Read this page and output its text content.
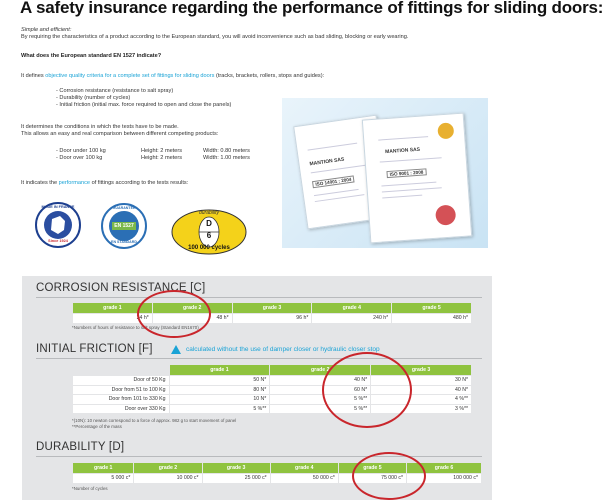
A safety insurance regarding the performance of fittings for sliding doors:
Simple and efficient:
By requiring the characteristics of a product according to the European standard, you will avoid inconvenience such as bad sliding, blocking or early wearing.
What does the European standard EN 1527 indicate?
It defines objective quality criteria for a complete set of fittings for sliding doors (tracks, brackets, rollers, stops and guides):
- Corrosion resistance (resistance to salt spray)
- Durability (number of cycles)
- Initial friction (initial max. force required to open and close the panels)
It determines the conditions in which the tests have to be made.
This allows an easy and real comparison between different competing products:
- Door under 100 kg	Height: 2 meters	Width: 0.80 meters
- Door over 100 kg	Height: 2 meters	Width: 1.00 meters
It indicates the performance of fittings according to the tests results:
MANTION SAS
ISO 14001 : 2004
MANTION SAS
ISO 9001 : 2008
MADE IN FRANCE
Since 1924
GUARANTEE
EN 1527
EN STANDARD
durability
D
6
100 000 cycles
CORROSION RESISTANCE [C]
grade 1	grade 2	grade 3	grade 4	grade 5
24 h*	48 h*	96 h*	240 h*	480 h*
*Numbers of hours of resistance to salt spray (Standard EN1670)
INITIAL FRICTION [F]	calculated without the use of damper closer or hydraulic closer stop
	grade 1	grade 2	grade 3
Door of 50 Kg	50 N*	40 N*	30 N*
Door from 51 to 100 Kg	80 N*	60 N*	40 N*
Door from 101 to 330 Kg	10 N*	5 %**	4 %**
Door over 330 Kg	5 %**	5 %**	3 %**
*(10N): 10 newton correspond to a force of approx. 982 g to start movement of panel
**Percentage of the mass
DURABILITY [D]
grade 1	grade 2	grade 3	grade 4	grade 5	grade 6
5 000 c*	10 000 c*	25 000 c*	50 000 c*	75 000 c*	100 000 c*
*Number of cycles
